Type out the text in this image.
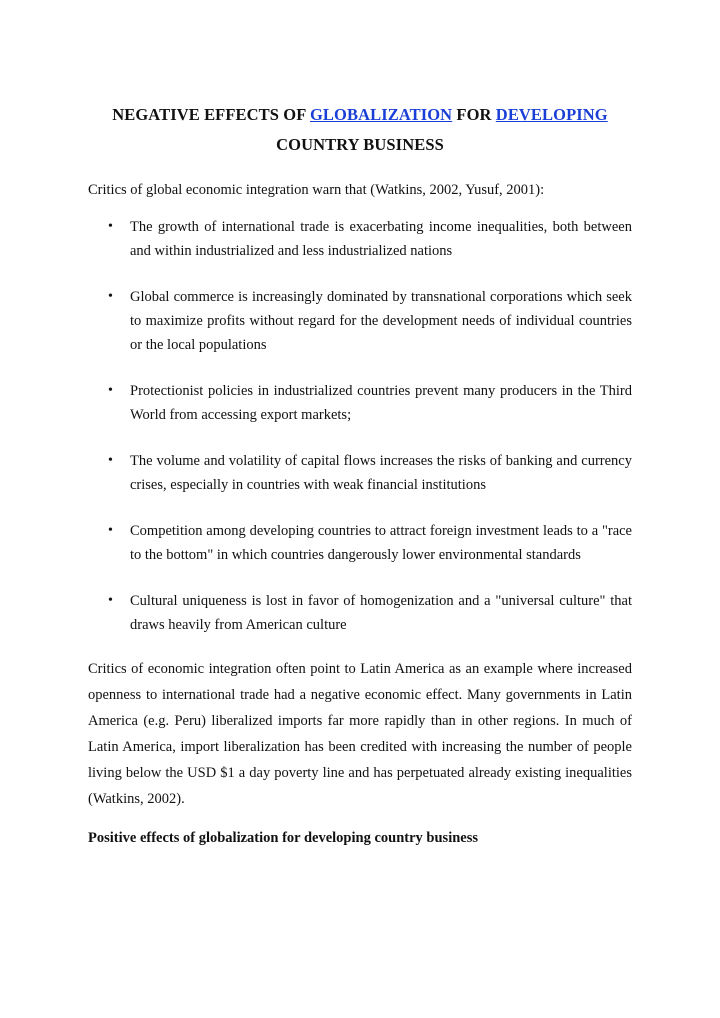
NEGATIVE EFFECTS OF GLOBALIZATION FOR DEVELOPING
COUNTRY BUSINESS

Critics of global economic integration warn that (Watkins, 2002, Yusuf, 2001):

• The growth of international trade is exacerbating income inequalities, both between and within industrialized and less industrialized nations
• Global commerce is increasingly dominated by transnational corporations which seek to maximize profits without regard for the development needs of individual countries or the local populations
• Protectionist policies in industrialized countries prevent many producers in the Third World from accessing export markets;
• The volume and volatility of capital flows increases the risks of banking and currency crises, especially in countries with weak financial institutions
• Competition among developing countries to attract foreign investment leads to a "race to the bottom" in which countries dangerously lower environmental standards
• Cultural uniqueness is lost in favor of homogenization and a "universal culture" that draws heavily from American culture

Critics of economic integration often point to Latin America as an example where increased openness to international trade had a negative economic effect. Many governments in Latin America (e.g. Peru) liberalized imports far more rapidly than in other regions. In much of Latin America, import liberalization has been credited with increasing the number of people living below the USD $1 a day poverty line and has perpetuated already existing inequalities (Watkins, 2002).

Positive effects of globalization for developing country business
